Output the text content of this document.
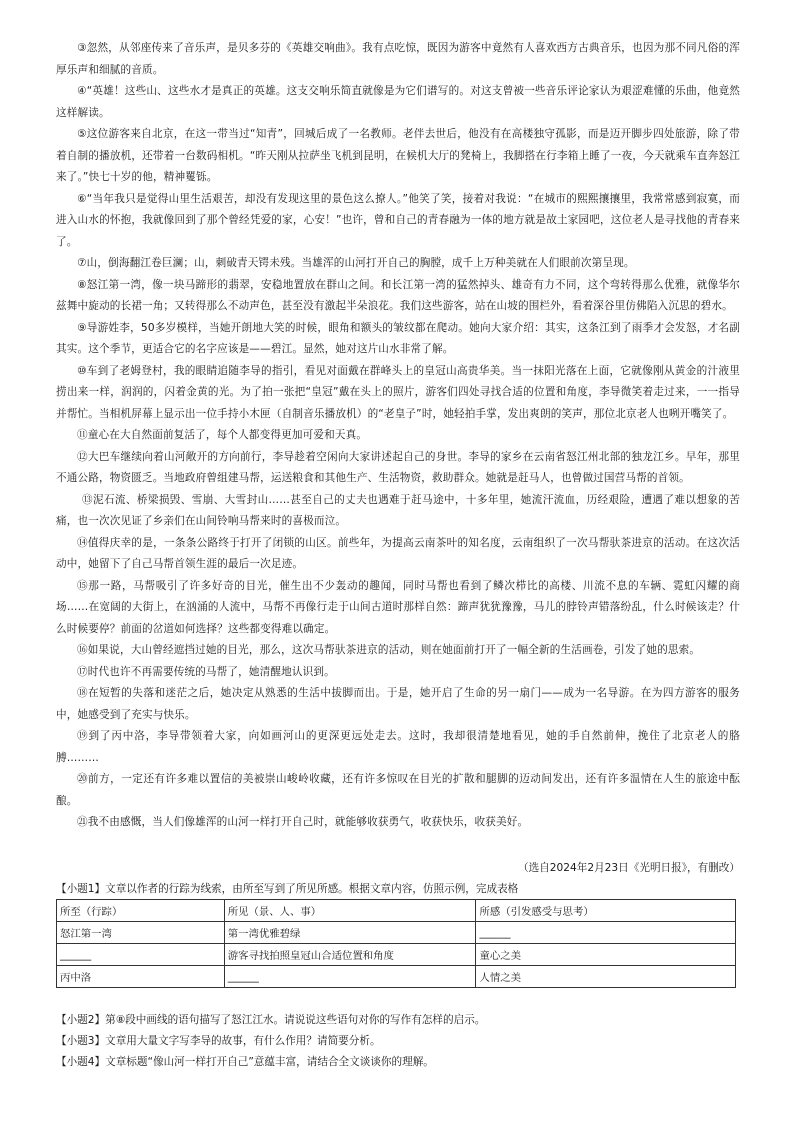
③忽然，从邻座传来了音乐声，是贝多芬的《英雄交响曲》。我有点吃惊，既因为游客中竟然有人喜欢西方古典音乐，也因为那不同凡俗的浑厚乐声和细腻的音质。

④“英雄！这些山、这些水才是真正的英雄。这支交响乐简直就像是为它们谱写的。对这支曾被一些音乐评论家认为艰涩难懂的乐曲，他竟然这样解读。

⑤这位游客来自北京，在这一带当过“知青”，回城后成了一名教师。老伴去世后，他没有在高楼独守孤影，而是迈开脚步四处旅游，除了带着自制的播放机，还带着一台数码相机。“昨天刚从拉萨坐飞机到昆明，在候机大厅的凳椅上，我脚搭在行李箱上睡了一夜，今天就乘车直奔怒江来了。”快七十岁的他，精神矍铄。

⑥“当年我只是觉得山里生活艰苦，却没有发现这里的景色这么撩人。”他笑了笑，接着对我说：“在城市的熙熙攘攘里，我常常感到寂寞，而进入山水的怀抱，我就像回到了那个曾经凭爱的家，心安！”也许，曾和自己的青春融为一体的地方就是故土家园吧，这位老人是寻找他的青春来了。

⑦山，倒海翻江卷巨澜；山，刺破青天锷未残。当雄浑的山河打开自己的胸膛，成千上万种美就在人们眼前次第呈现。

⑧怒江第一湾，像一块马蹄形的翡翠，安稳地置放在群山之间。和长江第一湾的猛然掉头、雄奇有力不同，这个弯转得那么优雅，就像华尔兹舞中旋动的长裙一角；又转得那么不动声色，甚至没有激起半朵浪花。我们这些游客，站在山坡的围栏外，看着深谷里仿佛陷入沉思的碧水。

⑨导游姓李，50多岁模样，当她开朗地大笑的时候，眼角和额头的皱纹都在爬动。她向大家介绍：其实，这条江到了雨季才会发怒，才名副其实。这个季节，更适合它的名字应该是——碧江。显然，她对这片山水非常了解。

⑩车到了老姆登村，我的眼睛追随李导的指引，看见对面戴在群峰头上的皇冠山高贵华美。当一抹阳光落在上面，它就像刚从黄金的汁液里捞出来一样，润润的，闪着金黄的光。为了拍一张把“皇冠”戴在头上的照片，游客们四处寻找合适的位置和角度，李导微笑着走过来，一一指导并帮忙。当相机屏幕上显示出一位手持小木匣（自制音乐播放机）的“老皇子”时，她轻拍手掌，发出爽朗的笑声，那位北京老人也咧开嘴笑了。

⑪童心在大自然面前复活了，每个人都变得更加可爱和天真。

⑫大巴车继续向着山河敞开的方向前行，李导趁着空闲向大家讲述起自己的身世。李导的家乡在云南省怒江州北部的独龙江乡。早年，那里不通公路，物资匮乏。当地政府曾组建马帮，运送粮食和其他生产、生活物资，救助群众。她就是赶马人，也曾做过国营马帮的首领。

⑬泥石流、桥梁损毁、雪崩、大雪封山……甚至自己的丈夫也遇难于赶马途中，十多年里，她流汗流血，历经艰险，遭遇了难以想象的苦痛，也一次次见证了乡亲们在山间铃响马帮来时的喜极而泣。

⑭值得庆幸的是，一条条公路终于打开了闭锁的山区。前些年，为提高云南茶叶的知名度，云南组织了一次马帮驮茶进京的活动。在这次活动中，她留下了自己马帮首领生涯的最后一次足迹。

⑮那一路，马帮吸引了许多好奇的目光，催生出不少轰动的趣闻，同时马帮也看到了鳞次栉比的高楼、川流不息的车辆、霓虹闪耀的商场……在宽阔的大街上，在汹涌的人流中，马帮不再像行走于山间古道时那样自然：蹄声犹犹豫豫，马儿的脖铃声错落纷乱，什么时候该走？什么时候要停？前面的岔道如何选择？这些都变得难以确定。

⑯如果说，大山曾经遮挡过她的目光，那么，这次马帮驮茶进京的活动，则在她面前打开了一幅全新的生活画卷，引发了她的思索。

⑰时代也许不再需要传统的马帮了，她清醒地认识到。

⑱在短暂的失落和迷茫之后，她决定从熟悉的生活中拔脚而出。于是，她开启了生命的另一扇门——成为一名导游。在为四方游客的服务中，她感受到了充实与快乐。

⑲到了丙中洛，李导带领着大家，向如画河山的更深更远处走去。这时，我却很清楚地看见，她的手自然前伸，挽住了北京老人的胳膊………

⑳前方，一定还有许多难以置信的美被崇山峻岭收藏，还有许多惊叹在目光的扩散和腿脚的迈动间发出，还有许多温情在人生的旅途中酝酿。

㉑我不由感慨，当人们像雄浑的山河一样打开自己时，就能够收获勇气，收获快乐，收获美好。

（选自2024年2月23日《光明日报》，有删改）
【小题1】文章以作者的行踪为线索，由所至写到了所见所感。根据文章内容，仿照示例，完成表格
所至（行踪）	所见（景、人、事）	所感（引发感受与思考）
怒江第一湾	第一湾优雅碧绿	______
______	游客寻找拍照皇冠山合适位置和角度	童心之美
丙中洛	______	人情之美
【小题2】第⑧段中画线的语句描写了怒江江水。请说说这些语句对你的写作有怎样的启示。
【小题3】文章用大量文字写李导的故事，有什么作用？请简要分析。
【小题4】文章标题“像山河一样打开自己”意蕴丰富，请结合全文谈谈你的理解。
